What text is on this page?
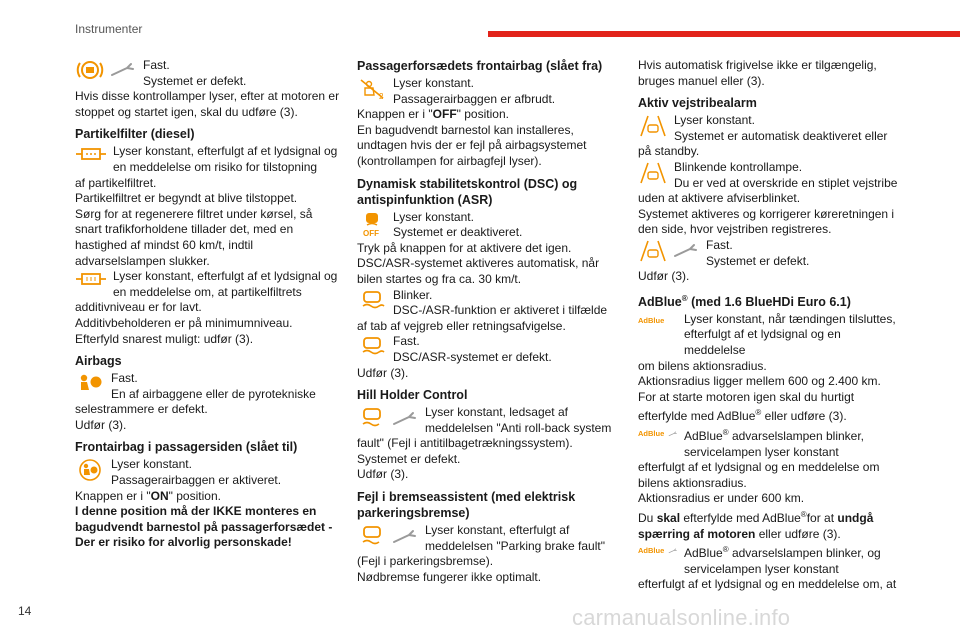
Instrumenter
Fast.
Systemet er defekt.
Hvis disse kontrollamper lyser, efter at motoren er stoppet og startet igen, skal du udføre (3).
Partikelfilter (diesel)
Lyser konstant, efterfulgt af et lydsignal og en meddelelse om risiko for tilstopning
af partikelfiltret.
Partikelfiltret er begyndt at blive tilstoppet.
Sørg for at regenerere filtret under kørsel, så snart trafikforholdene tillader det, med en hastighed af mindst 60 km/t, indtil advarselslampen slukker.
Lyser konstant, efterfulgt af et lydsignal og en meddelelse om, at partikelfiltrets
additivniveau er for lavt.
Additivbeholderen er på minimumniveau.
Efterfyld snarest muligt: udfør (3).
Airbags
Fast.
En af airbaggene eller de pyrotekniske
selestrammere er defekt.
Udfør (3).
Frontairbag i passagersiden (slået til)
Lyser konstant.
Passagerairbaggen er aktiveret.
Knappen er i "ON" position.
I denne position må der IKKE monteres en bagudvendt barnestol på passagerforsædet - Der er risiko for alvorlig personskade!
Passagerforsædets frontairbag (slået fra)
2
Lyser konstant.
Passagerairbaggen er afbrudt.
Knappen er i "OFF" position.
En bagudvendt barnestol kan installeres, undtagen hvis der er fejl på airbagsystemet (kontrollampen for airbagfejl lyser).
Dynamisk stabilitetskontrol (DSC) og antispinfunktion (ASR)
OFF
Lyser konstant.
Systemet er deaktiveret.
Tryk på knappen for at aktivere det igen.
DSC/ASR-systemet aktiveres automatisk, når bilen startes og fra ca. 30 km/t.
Blinker.
DSC-/ASR-funktion er aktiveret i tilfælde
af tab af vejgreb eller retningsafvigelse.
Fast.
DSC/ASR-systemet er defekt.
Udfør (3).
Hill Holder Control
Lyser konstant, ledsaget af meddelelsen "Anti roll-back system
fault" (Fejl i antitilbagetrækningssystem).
Systemet er defekt.
Udfør (3).
Fejl i bremseassistent (med elektrisk parkeringsbremse)
Lyser konstant, efterfulgt af meddelelsen "Parking brake fault"
(Fejl i parkeringsbremse).
Nødbremse fungerer ikke optimalt.
Hvis automatisk frigivelse ikke er tilgængelig, bruges manuel eller (3).
Aktiv vejstribealarm
Lyser konstant.
Systemet er automatisk deaktiveret eller
på standby.
Blinkende kontrollampe.
Du er ved at overskride en stiplet vejstribe
uden at aktivere afviserblinket.
Systemet aktiveres og korrigerer køreretningen i den side, hvor vejstriben registreres.
Fast.
Systemet er defekt.
Udfør (3).
AdBlue® (med 1.6 BlueHDi Euro 6.1)
AdBlue Lyser konstant, når tændingen tilsluttes, efterfulgt af et lydsignal og en meddelelse
om bilens aktionsradius.
Aktionsradius ligger mellem 600 og 2.400 km.
For at starte motoren igen skal du hurtigt efterfylde med AdBlue® eller udføre (3).
AdBlue AdBlue® advarselslampen blinker, servicelampen lyser konstant
efterfulgt af et lydsignal og en meddelelse om bilens aktionsradius.
Aktionsradius er under 600 km.
Du skal efterfylde med AdBlue®for at undgå spærring af motoren eller udføre (3).
AdBlue AdBlue® advarselslampen blinker, og servicelampen lyser konstant
efterfulgt af et lydsignal og en meddelelse om, at
14	carmanualsonline.info
